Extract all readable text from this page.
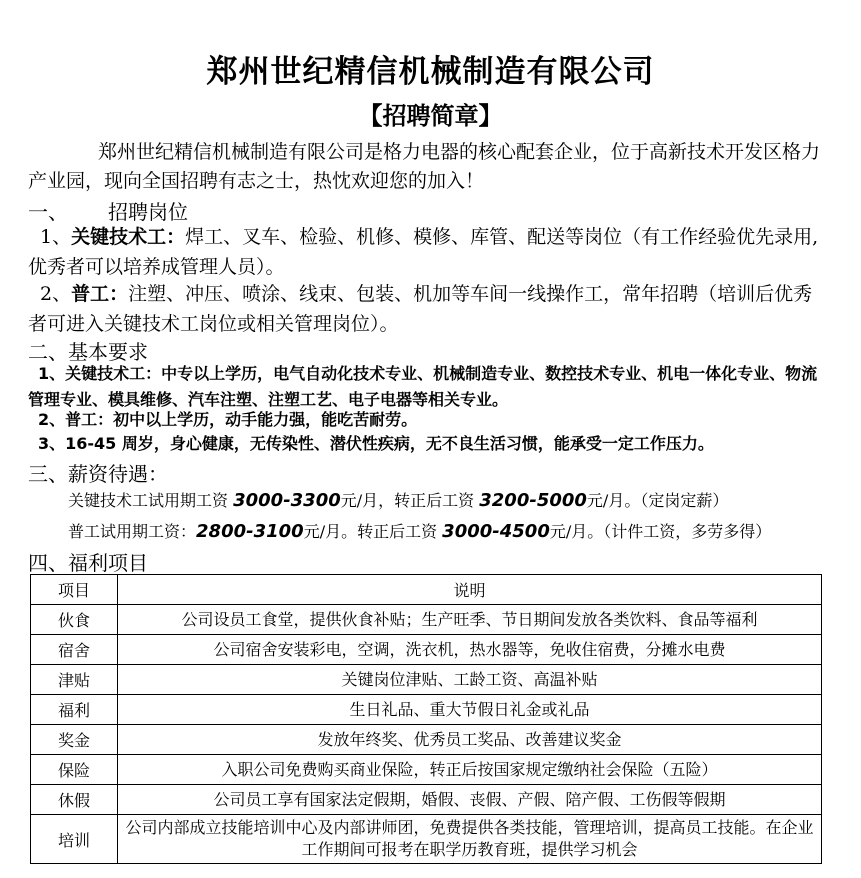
郑州世纪精信机械制造有限公司
【招聘简章】
郑州世纪精信机械制造有限公司是格力电器的核心配套企业，位于高新技术开发区格力产业园，现向全国招聘有志之士，热忱欢迎您的加入！
一、 招聘岗位
1、关键技术工：焊工、叉车、检验、机修、模修、库管、配送等岗位（有工作经验优先录用,优秀者可以培养成管理人员）。
2、普工：注塑、冲压、喷涂、线束、包装、机加等车间一线操作工，常年招聘（培训后优秀者可进入关键技术工岗位或相关管理岗位）。
二、基本要求
1、关键技术工：中专以上学历，电气自动化技术专业、机械制造专业、数控技术专业、机电一体化专业、物流管理专业、模具维修、汽车注塑、注塑工艺、电子电器等相关专业。
2、普工：初中以上学历，动手能力强，能吃苦耐劳。
3、16-45 周岁，身心健康，无传染性、潜伏性疾病，无不良生活习惯，能承受一定工作压力。
三、薪资待遇：
关键技术工试用期工资 3000-3300元/月，转正后工资 3200-5000元/月。（定岗定薪）
普工试用期工资：2800-3100元/月。转正后工资 3000-4500元/月。（计件工资，多劳多得）
四、福利项目
项目	说明
伙食	公司设员工食堂，提供伙食补贴；生产旺季、节日期间发放各类饮料、食品等福利
宿舍	公司宿舍安装彩电，空调，洗衣机，热水器等，免收住宿费，分摊水电费
津贴	关键岗位津贴、工龄工资、高温补贴
福利	生日礼品、重大节假日礼金或礼品
奖金	发放年终奖、优秀员工奖品、改善建议奖金
保险	入职公司免费购买商业保险，转正后按国家规定缴纳社会保险（五险）
休假	公司员工享有国家法定假期，婚假、丧假、产假、陪产假、工伤假等假期
培训	公司内部成立技能培训中心及内部讲师团，免费提供各类技能，管理培训，提高员工技能。在企业工作期间可报考在职学历教育班，提供学习机会
